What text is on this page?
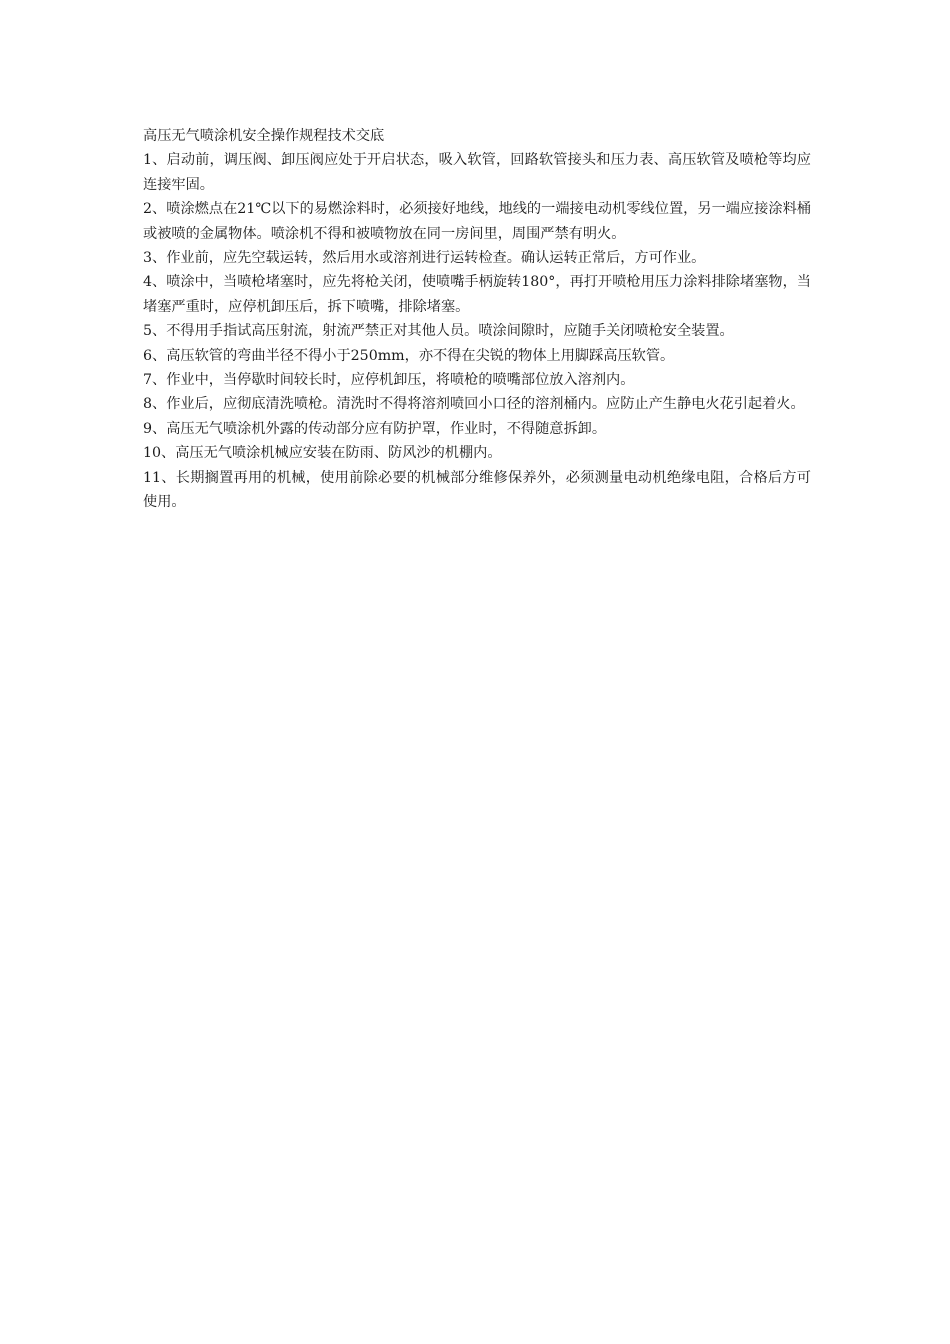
高压无气喷涂机安全操作规程技术交底

1、启动前，调压阀、卸压阀应处于开启状态，吸入软管，回路软管接头和压力表、高压软管及喷枪等均应连接牢固。

2、喷涂燃点在21℃以下的易燃涂料时，必须接好地线，地线的一端接电动机零线位置，另一端应接涂料桶或被喷的金属物体。喷涂机不得和被喷物放在同一房间里，周围严禁有明火。

3、作业前，应先空载运转，然后用水或溶剂进行运转检查。确认运转正常后，方可作业。

4、喷涂中，当喷枪堵塞时，应先将枪关闭，使喷嘴手柄旋转180°，再打开喷枪用压力涂料排除堵塞物，当堵塞严重时，应停机卸压后，拆下喷嘴，排除堵塞。

5、不得用手指试高压射流，射流严禁正对其他人员。喷涂间隙时，应随手关闭喷枪安全装置。

6、高压软管的弯曲半径不得小于250mm，亦不得在尖锐的物体上用脚踩高压软管。

7、作业中，当停歇时间较长时，应停机卸压，将喷枪的喷嘴部位放入溶剂内。

8、作业后，应彻底清洗喷枪。清洗时不得将溶剂喷回小口径的溶剂桶内。应防止产生静电火花引起着火。

9、高压无气喷涂机外露的传动部分应有防护罩，作业时，不得随意拆卸。

10、高压无气喷涂机械应安装在防雨、防风沙的机棚内。

11、长期搁置再用的机械，使用前除必要的机械部分维修保养外，必须测量电动机绝缘电阻，合格后方可使用。
